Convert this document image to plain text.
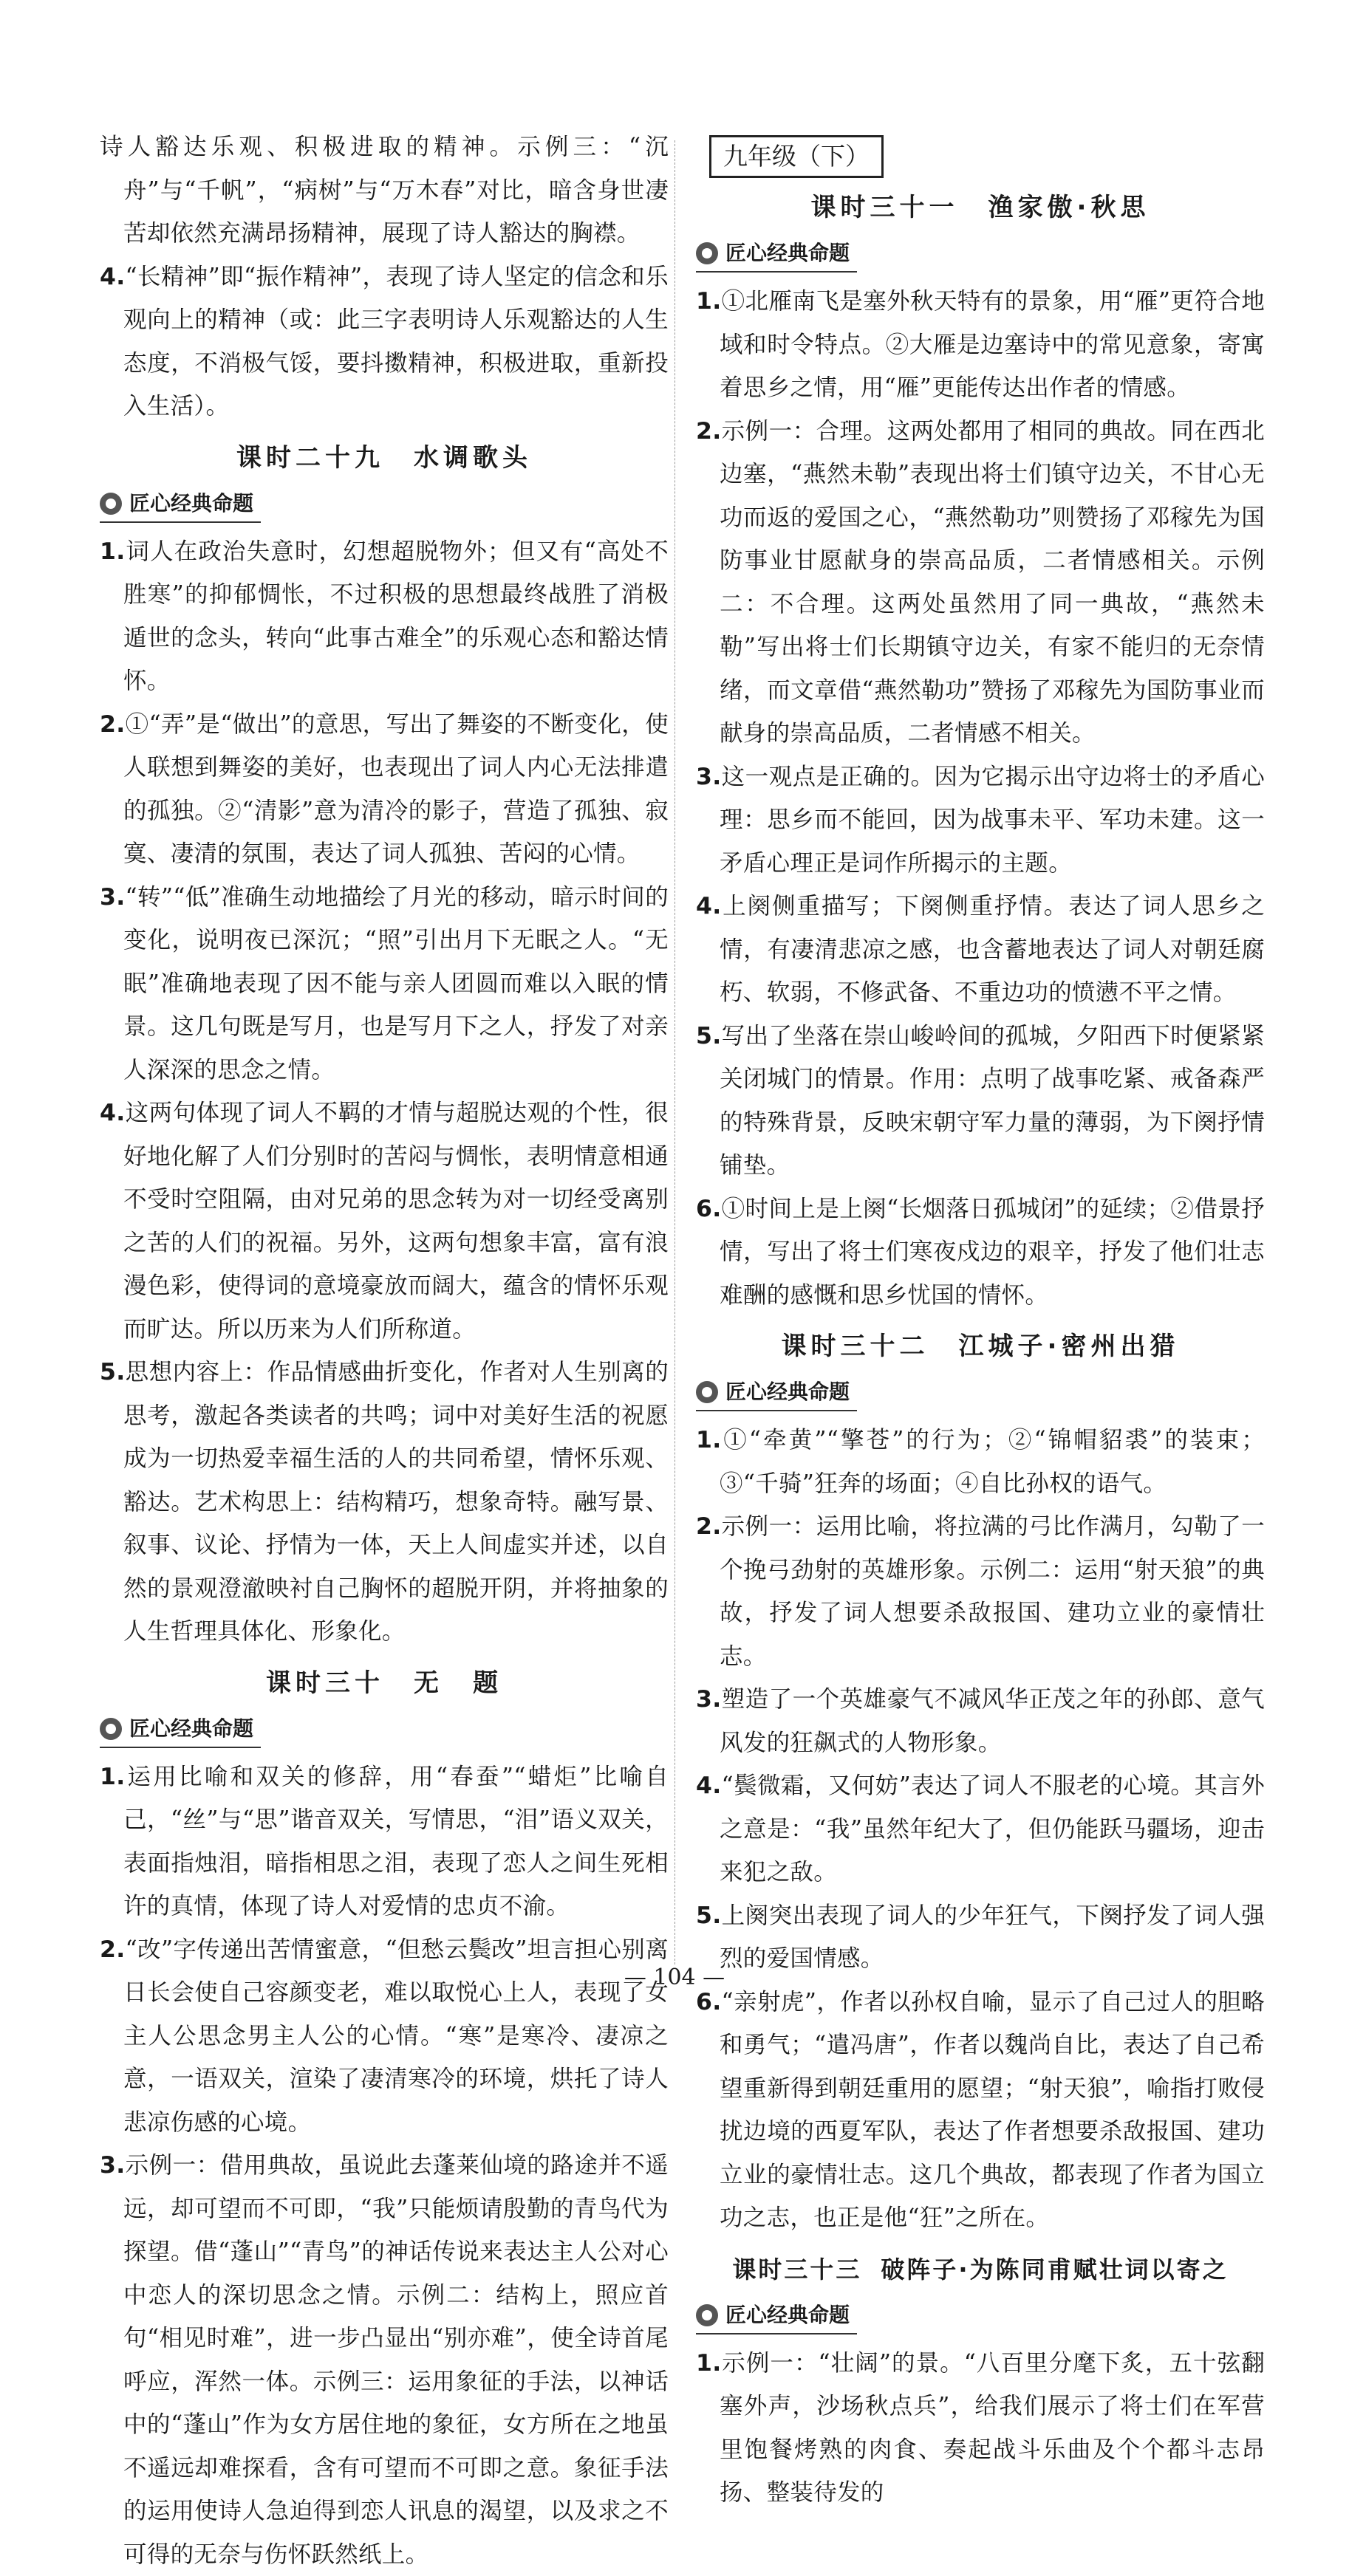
诗人豁达乐观、积极进取的精神。示例三：“沉舟”与“千帆”，“病树”与“万木春”对比，暗含身世凄苦却依然充满昂扬精神，展现了诗人豁达的胸襟。

4.“长精神”即“振作精神”，表现了诗人坚定的信念和乐观向上的精神（或：此三字表明诗人乐观豁达的人生态度，不消极气馁，要抖擞精神，积极进取，重新投入生活）。

课时二十九 水调歌头
匠心经典命题

1.词人在政治失意时，幻想超脱物外；但又有“高处不胜寒”的抑郁惆怅，不过积极的思想最终战胜了消极遁世的念头，转向“此事古难全”的乐观心态和豁达情怀。

2.①“弄”是“做出”的意思，写出了舞姿的不断变化，使人联想到舞姿的美好，也表现出了词人内心无法排遣的孤独。②“清影”意为清冷的影子，营造了孤独、寂寞、凄清的氛围，表达了词人孤独、苦闷的心情。

3.“转”“低”准确生动地描绘了月光的移动，暗示时间的变化，说明夜已深沉；“照”引出月下无眠之人。“无眠”准确地表现了因不能与亲人团圆而难以入眠的情景。这几句既是写月，也是写月下之人，抒发了对亲人深深的思念之情。

4.这两句体现了词人不羁的才情与超脱达观的个性，很好地化解了人们分别时的苦闷与惆怅，表明情意相通不受时空阻隔，由对兄弟的思念转为对一切经受离别之苦的人们的祝福。另外，这两句想象丰富，富有浪漫色彩，使得词的意境豪放而阔大，蕴含的情怀乐观而旷达。所以历来为人们所称道。

5.思想内容上：作品情感曲折变化，作者对人生别离的思考，激起各类读者的共鸣；词中对美好生活的祝愿成为一切热爱幸福生活的人的共同希望，情怀乐观、豁达。艺术构思上：结构精巧，想象奇特。融写景、叙事、议论、抒情为一体，天上人间虚实并述，以自然的景观澄澈映衬自己胸怀的超脱开阴，并将抽象的人生哲理具体化、形象化。

课时三十 无　题
匠心经典命题

1.运用比喻和双关的修辞，用“春蚕”“蜡炬”比喻自己，“丝”与“思”谐音双关，写情思，“泪”语义双关，表面指烛泪，暗指相思之泪，表现了恋人之间生死相许的真情，体现了诗人对爱情的忠贞不渝。

2.“改”字传递出苦情蜜意，“但愁云鬓改”坦言担心别离日长会使自己容颜变老，难以取悦心上人，表现了女主人公思念男主人公的心情。“寒”是寒冷、凄凉之意，一语双关，渲染了凄清寒冷的环境，烘托了诗人悲凉伤感的心境。

3.示例一：借用典故，虽说此去蓬莱仙境的路途并不遥远，却可望而不可即，“我”只能烦请殷勤的青鸟代为探望。借“蓬山”“青鸟”的神话传说来表达主人公对心中恋人的深切思念之情。示例二：结构上，照应首句“相见时难”，进一步凸显出“别亦难”，使全诗首尾呼应，浑然一体。示例三：运用象征的手法，以神话中的“蓬山”作为女方居住地的象征，女方所在之地虽不遥远却难探看，含有可望而不可即之意。象征手法的运用使诗人急迫得到恋人讯息的渴望，以及求之不可得的无奈与伤怀跃然纸上。

九年级（下）
课时三十一 渔家傲·秋思
匠心经典命题

1.①北雁南飞是塞外秋天特有的景象，用“雁”更符合地域和时令特点。②大雁是边塞诗中的常见意象，寄寓着思乡之情，用“雁”更能传达出作者的情感。

2.示例一：合理。这两处都用了相同的典故。同在西北边塞，“燕然未勒”表现出将士们镇守边关，不甘心无功而返的爱国之心，“燕然勒功”则赞扬了邓稼先为国防事业甘愿献身的崇高品质，二者情感相关。示例二：不合理。这两处虽然用了同一典故，“燕然未勒”写出将士们长期镇守边关，有家不能归的无奈情绪，而文章借“燕然勒功”赞扬了邓稼先为国防事业而献身的崇高品质，二者情感不相关。

3.这一观点是正确的。因为它揭示出守边将士的矛盾心理：思乡而不能回，因为战事未平、军功未建。这一矛盾心理正是词作所揭示的主题。

4.上阕侧重描写；下阕侧重抒情。表达了词人思乡之情，有凄清悲凉之感，也含蓄地表达了词人对朝廷腐朽、软弱，不修武备、不重边功的愤懑不平之情。

5.写出了坐落在崇山峻岭间的孤城，夕阳西下时便紧紧关闭城门的情景。作用：点明了战事吃紧、戒备森严的特殊背景，反映宋朝守军力量的薄弱，为下阕抒情铺垫。

6.①时间上是上阕“长烟落日孤城闭”的延续；②借景抒情，写出了将士们寒夜戍边的艰辛，抒发了他们壮志难酬的感慨和思乡忧国的情怀。

课时三十二 江城子·密州出猎
匠心经典命题

1.①“牵黄”“擎苍”的行为；②“锦帽貂裘”的装束；③“千骑”狂奔的场面；④自比孙权的语气。

2.示例一：运用比喻，将拉满的弓比作满月，勾勒了一个挽弓劲射的英雄形象。示例二：运用“射天狼”的典故，抒发了词人想要杀敌报国、建功立业的豪情壮志。

3.塑造了一个英雄豪气不减风华正茂之年的孙郎、意气风发的狂飙式的人物形象。

4.“鬓微霜，又何妨”表达了词人不服老的心境。其言外之意是：“我”虽然年纪大了，但仍能跃马疆场，迎击来犯之敌。

5.上阕突出表现了词人的少年狂气，下阕抒发了词人强烈的爱国情感。

6.“亲射虎”，作者以孙权自喻，显示了自己过人的胆略和勇气；“遣冯唐”，作者以魏尚自比，表达了自己希望重新得到朝廷重用的愿望；“射天狼”，喻指打败侵扰边境的西夏军队，表达了作者想要杀敌报国、建功立业的豪情壮志。这几个典故，都表现了作者为国立功之志，也正是他“狂”之所在。

课时三十三 破阵子·为陈同甫赋壮词以寄之
匠心经典命题

1.示例一：“壮阔”的景。“八百里分麾下炙，五十弦翻塞外声，沙场秋点兵”，给我们展示了将士们在军营里饱餐烤熟的肉食、奏起战斗乐曲及个个都斗志昂扬、整装待发的

— 104 —
